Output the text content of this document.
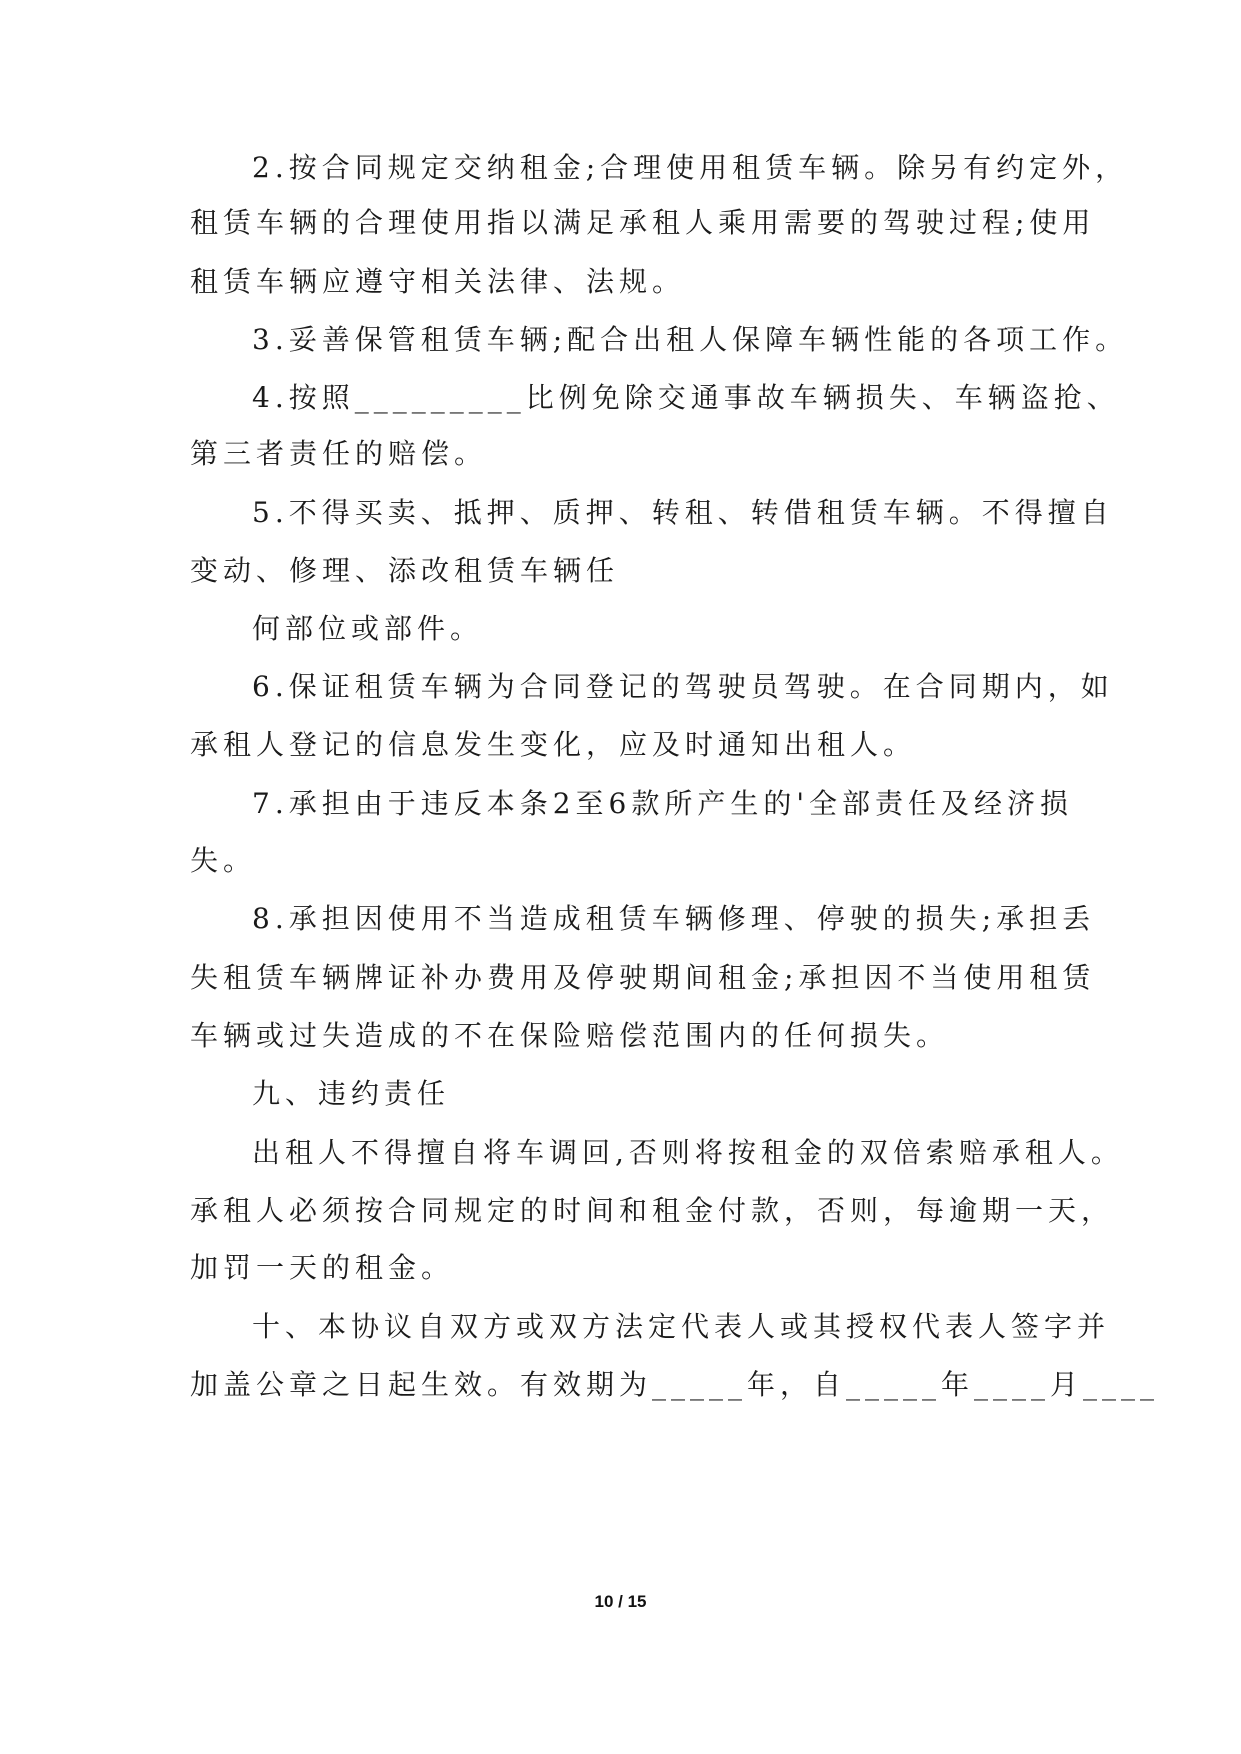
2.按合同规定交纳租金;合理使用租赁车辆。除另有约定外，
租赁车辆的合理使用指以满足承租人乘用需要的驾驶过程;使用
租赁车辆应遵守相关法律、法规。
3.妥善保管租赁车辆;配合出租人保障车辆性能的各项工作。
4.按照_________比例免除交通事故车辆损失、车辆盗抢、
第三者责任的赔偿。
5.不得买卖、抵押、质押、转租、转借租赁车辆。不得擅自
变动、修理、添改租赁车辆任
何部位或部件。
6.保证租赁车辆为合同登记的驾驶员驾驶。在合同期内，如
承租人登记的信息发生变化，应及时通知出租人。
7.承担由于违反本条2至6款所产生的'全部责任及经济损
失。
8.承担因使用不当造成租赁车辆修理、停驶的损失;承担丢
失租赁车辆牌证补办费用及停驶期间租金;承担因不当使用租赁
车辆或过失造成的不在保险赔偿范围内的任何损失。
九、违约责任
出租人不得擅自将车调回,否则将按租金的双倍索赔承租人。
承租人必须按合同规定的时间和租金付款，否则，每逾期一天，
加罚一天的租金。
十、本协议自双方或双方法定代表人或其授权代表人签字并
加盖公章之日起生效。有效期为_____年，自_____年____月____
10 / 15
